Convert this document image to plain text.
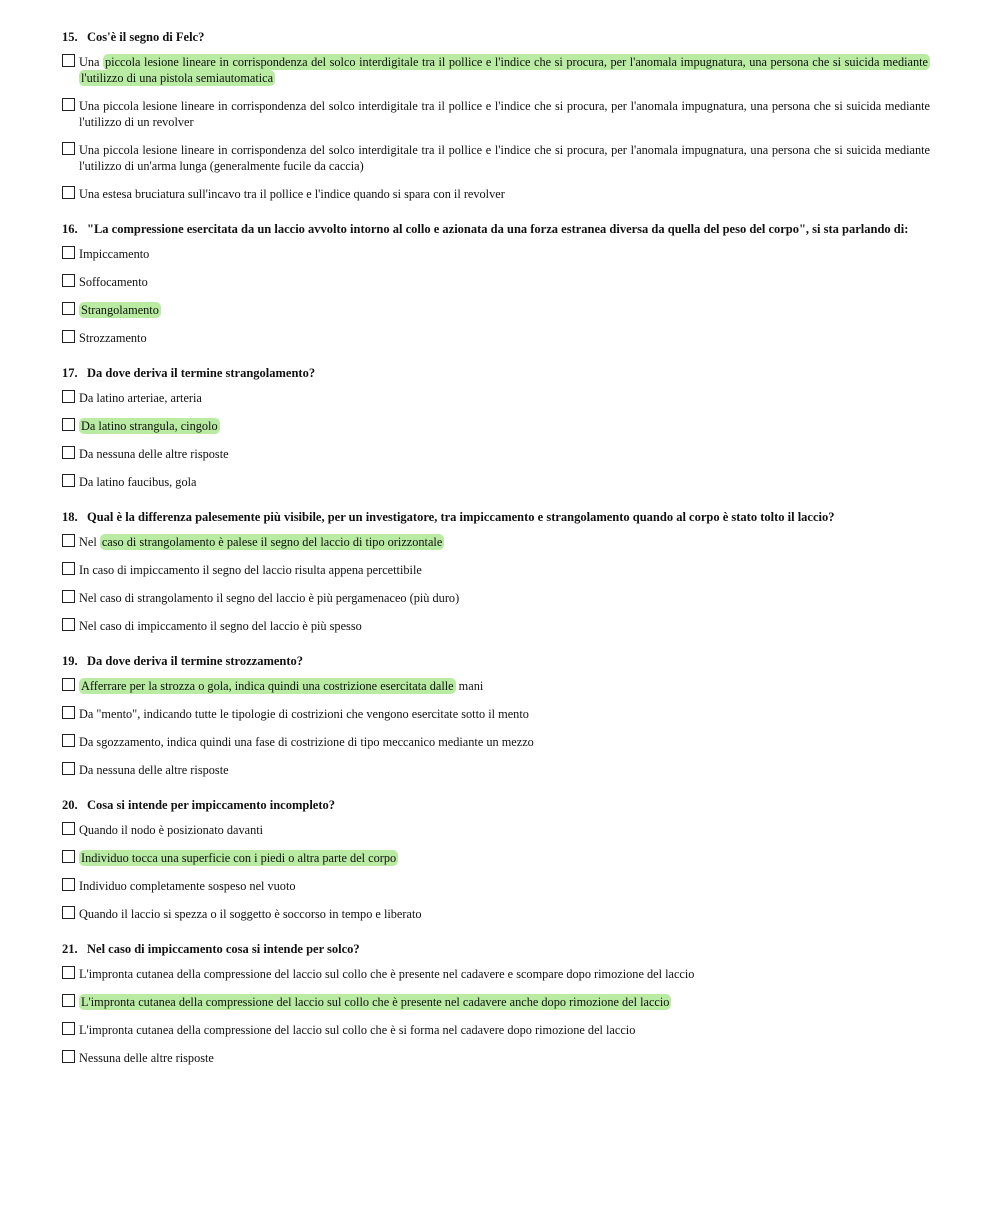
15. Cos'è il segno di Felc?
Una piccola lesione lineare in corrispondenza del solco interdigitale tra il pollice e l'indice che si procura, per l'anomala impugnatura, una persona che si suicida mediante l'utilizzo di una pistola semiautomatica
Una piccola lesione lineare in corrispondenza del solco interdigitale tra il pollice e l'indice che si procura, per l'anomala impugnatura, una persona che si suicida mediante l'utilizzo di un revolver
Una piccola lesione lineare in corrispondenza del solco interdigitale tra il pollice e l'indice che si procura, per l'anomala impugnatura, una persona che si suicida mediante l'utilizzo di un'arma lunga (generalmente fucile da caccia)
Una estesa bruciatura sull'incavo tra il pollice e l'indice quando si spara con il revolver
16. "La compressione esercitata da un laccio avvolto intorno al collo e azionata da una forza estranea diversa da quella del peso del corpo", si sta parlando di:
Impiccamento
Soffocamento
Strangolamento
Strozzamento
17. Da dove deriva il termine strangolamento?
Da latino arteriae, arteria
Da latino strangula, cingolo
Da nessuna delle altre risposte
Da latino faucibus, gola
18. Qual è la differenza palesemente più visibile, per un investigatore, tra impiccamento e strangolamento quando al corpo è stato tolto il laccio?
Nel caso di strangolamento è palese il segno del laccio di tipo orizzontale
In caso di impiccamento il segno del laccio risulta appena percettibile
Nel caso di strangolamento il segno del laccio è più pergamenaceo (più duro)
Nel caso di impiccamento il segno del laccio è più spesso
19. Da dove deriva il termine strozzamento?
Afferrare per la strozza o gola, indica quindi una costrizione esercitata dalle mani
Da "mento", indicando tutte le tipologie di costrizioni che vengono esercitate sotto il mento
Da sgozzamento, indica quindi una fase di costrizione di tipo meccanico mediante un mezzo
Da nessuna delle altre risposte
20. Cosa si intende per impiccamento incompleto?
Quando il nodo è posizionato davanti
Individuo tocca una superficie con i piedi o altra parte del corpo
Individuo completamente sospeso nel vuoto
Quando il laccio si spezza o il soggetto è soccorso in tempo e liberato
21. Nel caso di impiccamento cosa si intende per solco?
L'impronta cutanea della compressione del laccio sul collo che è presente nel cadavere e scompare dopo rimozione del laccio
L'impronta cutanea della compressione del laccio sul collo che è presente nel cadavere anche dopo rimozione del laccio
L'impronta cutanea della compressione del laccio sul collo che è si forma nel cadavere dopo rimozione del laccio
Nessuna delle altre risposte
